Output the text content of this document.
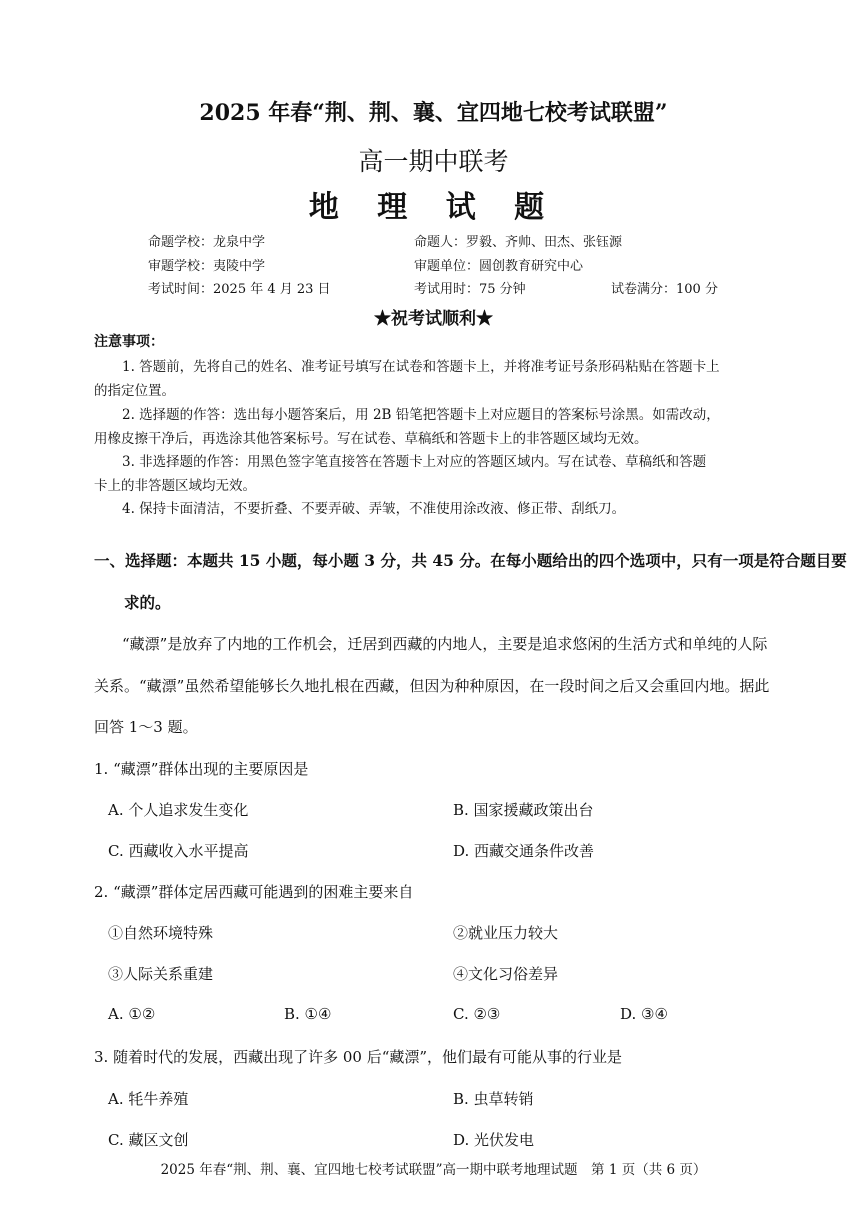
2025 年春“荆、荆、襄、宜四地七校考试联盟”
高一期中联考
地 理 试 题
命题学校：龙泉中学	命题人：罗毅、齐帅、田杰、张钰源
审题学校：夷陵中学	审题单位：圆创教育研究中心
考试时间：2025 年 4 月 23 日	考试用时：75 分钟	试卷满分：100 分
★祝考试顺利★
注意事项：
1. 答题前，先将自己的姓名、准考证号填写在试卷和答题卡上，并将准考证号条形码粘贴在答题卡上
的指定位置。
2. 选择题的作答：选出每小题答案后，用 2B 铅笔把答题卡上对应题目的答案标号涂黑。如需改动，
用橡皮擦干净后，再选涂其他答案标号。写在试卷、草稿纸和答题卡上的非答题区域均无效。
3. 非选择题的作答：用黑色签字笔直接答在答题卡上对应的答题区域内。写在试卷、草稿纸和答题
卡上的非答题区域均无效。
4. 保持卡面清洁，不要折叠、不要弄破、弄皱，不准使用涂改液、修正带、刮纸刀。
一、选择题：本题共 15 小题，每小题 3 分，共 45 分。在每小题给出的四个选项中，只有一项是符合题目要
求的。
“藏漂”是放弃了内地的工作机会，迁居到西藏的内地人，主要是追求悠闲的生活方式和单纯的人际
关系。“藏漂”虽然希望能够长久地扎根在西藏，但因为种种原因，在一段时间之后又会重回内地。据此
回答 1～3 题。
1. “藏漂”群体出现的主要原因是
A. 个人追求发生变化	B. 国家援藏政策出台
C. 西藏收入水平提高	D. 西藏交通条件改善
2. “藏漂”群体定居西藏可能遇到的困难主要来自
①自然环境特殊	②就业压力较大
③人际关系重建	④文化习俗差异
A. ①②	B. ①④	C. ②③	D. ③④
3. 随着时代的发展，西藏出现了许多 00 后“藏漂”，他们最有可能从事的行业是
A. 牦牛养殖	B. 虫草转销
C. 藏区文创	D. 光伏发电
2025 年春“荆、荆、襄、宜四地七校考试联盟”高一期中联考地理试题　第 1 页（共 6 页）
